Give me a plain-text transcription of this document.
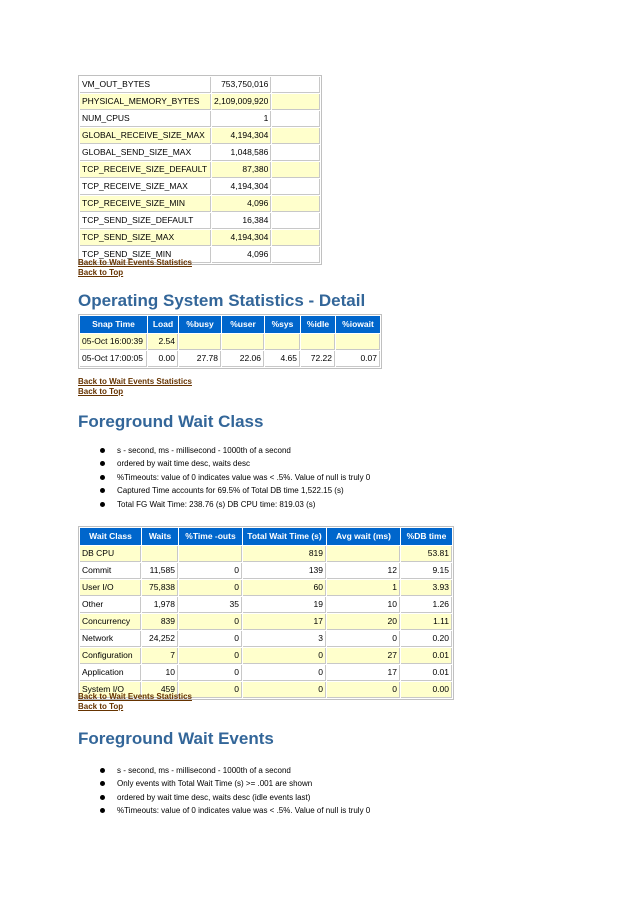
VM_OUT_BYTES	753,750,016	
PHYSICAL_MEMORY_BYTES	2,109,009,920	
NUM_CPUS	1	
GLOBAL_RECEIVE_SIZE_MAX	4,194,304	
GLOBAL_SEND_SIZE_MAX	1,048,586	
TCP_RECEIVE_SIZE_DEFAULT	87,380	
TCP_RECEIVE_SIZE_MAX	4,194,304	
TCP_RECEIVE_SIZE_MIN	4,096	
TCP_SEND_SIZE_DEFAULT	16,384	
TCP_SEND_SIZE_MAX	4,194,304	
TCP_SEND_SIZE_MIN	4,096	
Back to Wait Events Statistics
Back to Top
Operating System Statistics - Detail
Snap Time	Load	%busy	%user	%sys	%idle	%iowait
05-Oct 16:00:39	2.54					
05-Oct 17:00:05	0.00	27.78	22.06	4.65	72.22	0.07
Back to Wait Events Statistics
Back to Top
Foreground Wait Class
s - second, ms - millisecond - 1000th of a second
ordered by wait time desc, waits desc
%Timeouts: value of 0 indicates value was < .5%. Value of null is truly 0
Captured Time accounts for 69.5% of Total DB time 1,522.15 (s)
Total FG Wait Time: 238.76 (s) DB CPU time: 819.03 (s)
Wait Class	Waits	%Time -outs	Total Wait Time (s)	Avg wait (ms)	%DB time
DB CPU			819		53.81
Commit	11,585	0	139	12	9.15
User I/O	75,838	0	60	1	3.93
Other	1,978	35	19	10	1.26
Concurrency	839	0	17	20	1.11
Network	24,252	0	3	0	0.20
Configuration	7	0	0	27	0.01
Application	10	0	0	17	0.01
System I/O	459	0	0	0	0.00
Back to Wait Events Statistics
Back to Top
Foreground Wait Events
s - second, ms - millisecond - 1000th of a second
Only events with Total Wait Time (s) >= .001 are shown
ordered by wait time desc, waits desc (idle events last)
%Timeouts: value of 0 indicates value was < .5%. Value of null is truly 0
